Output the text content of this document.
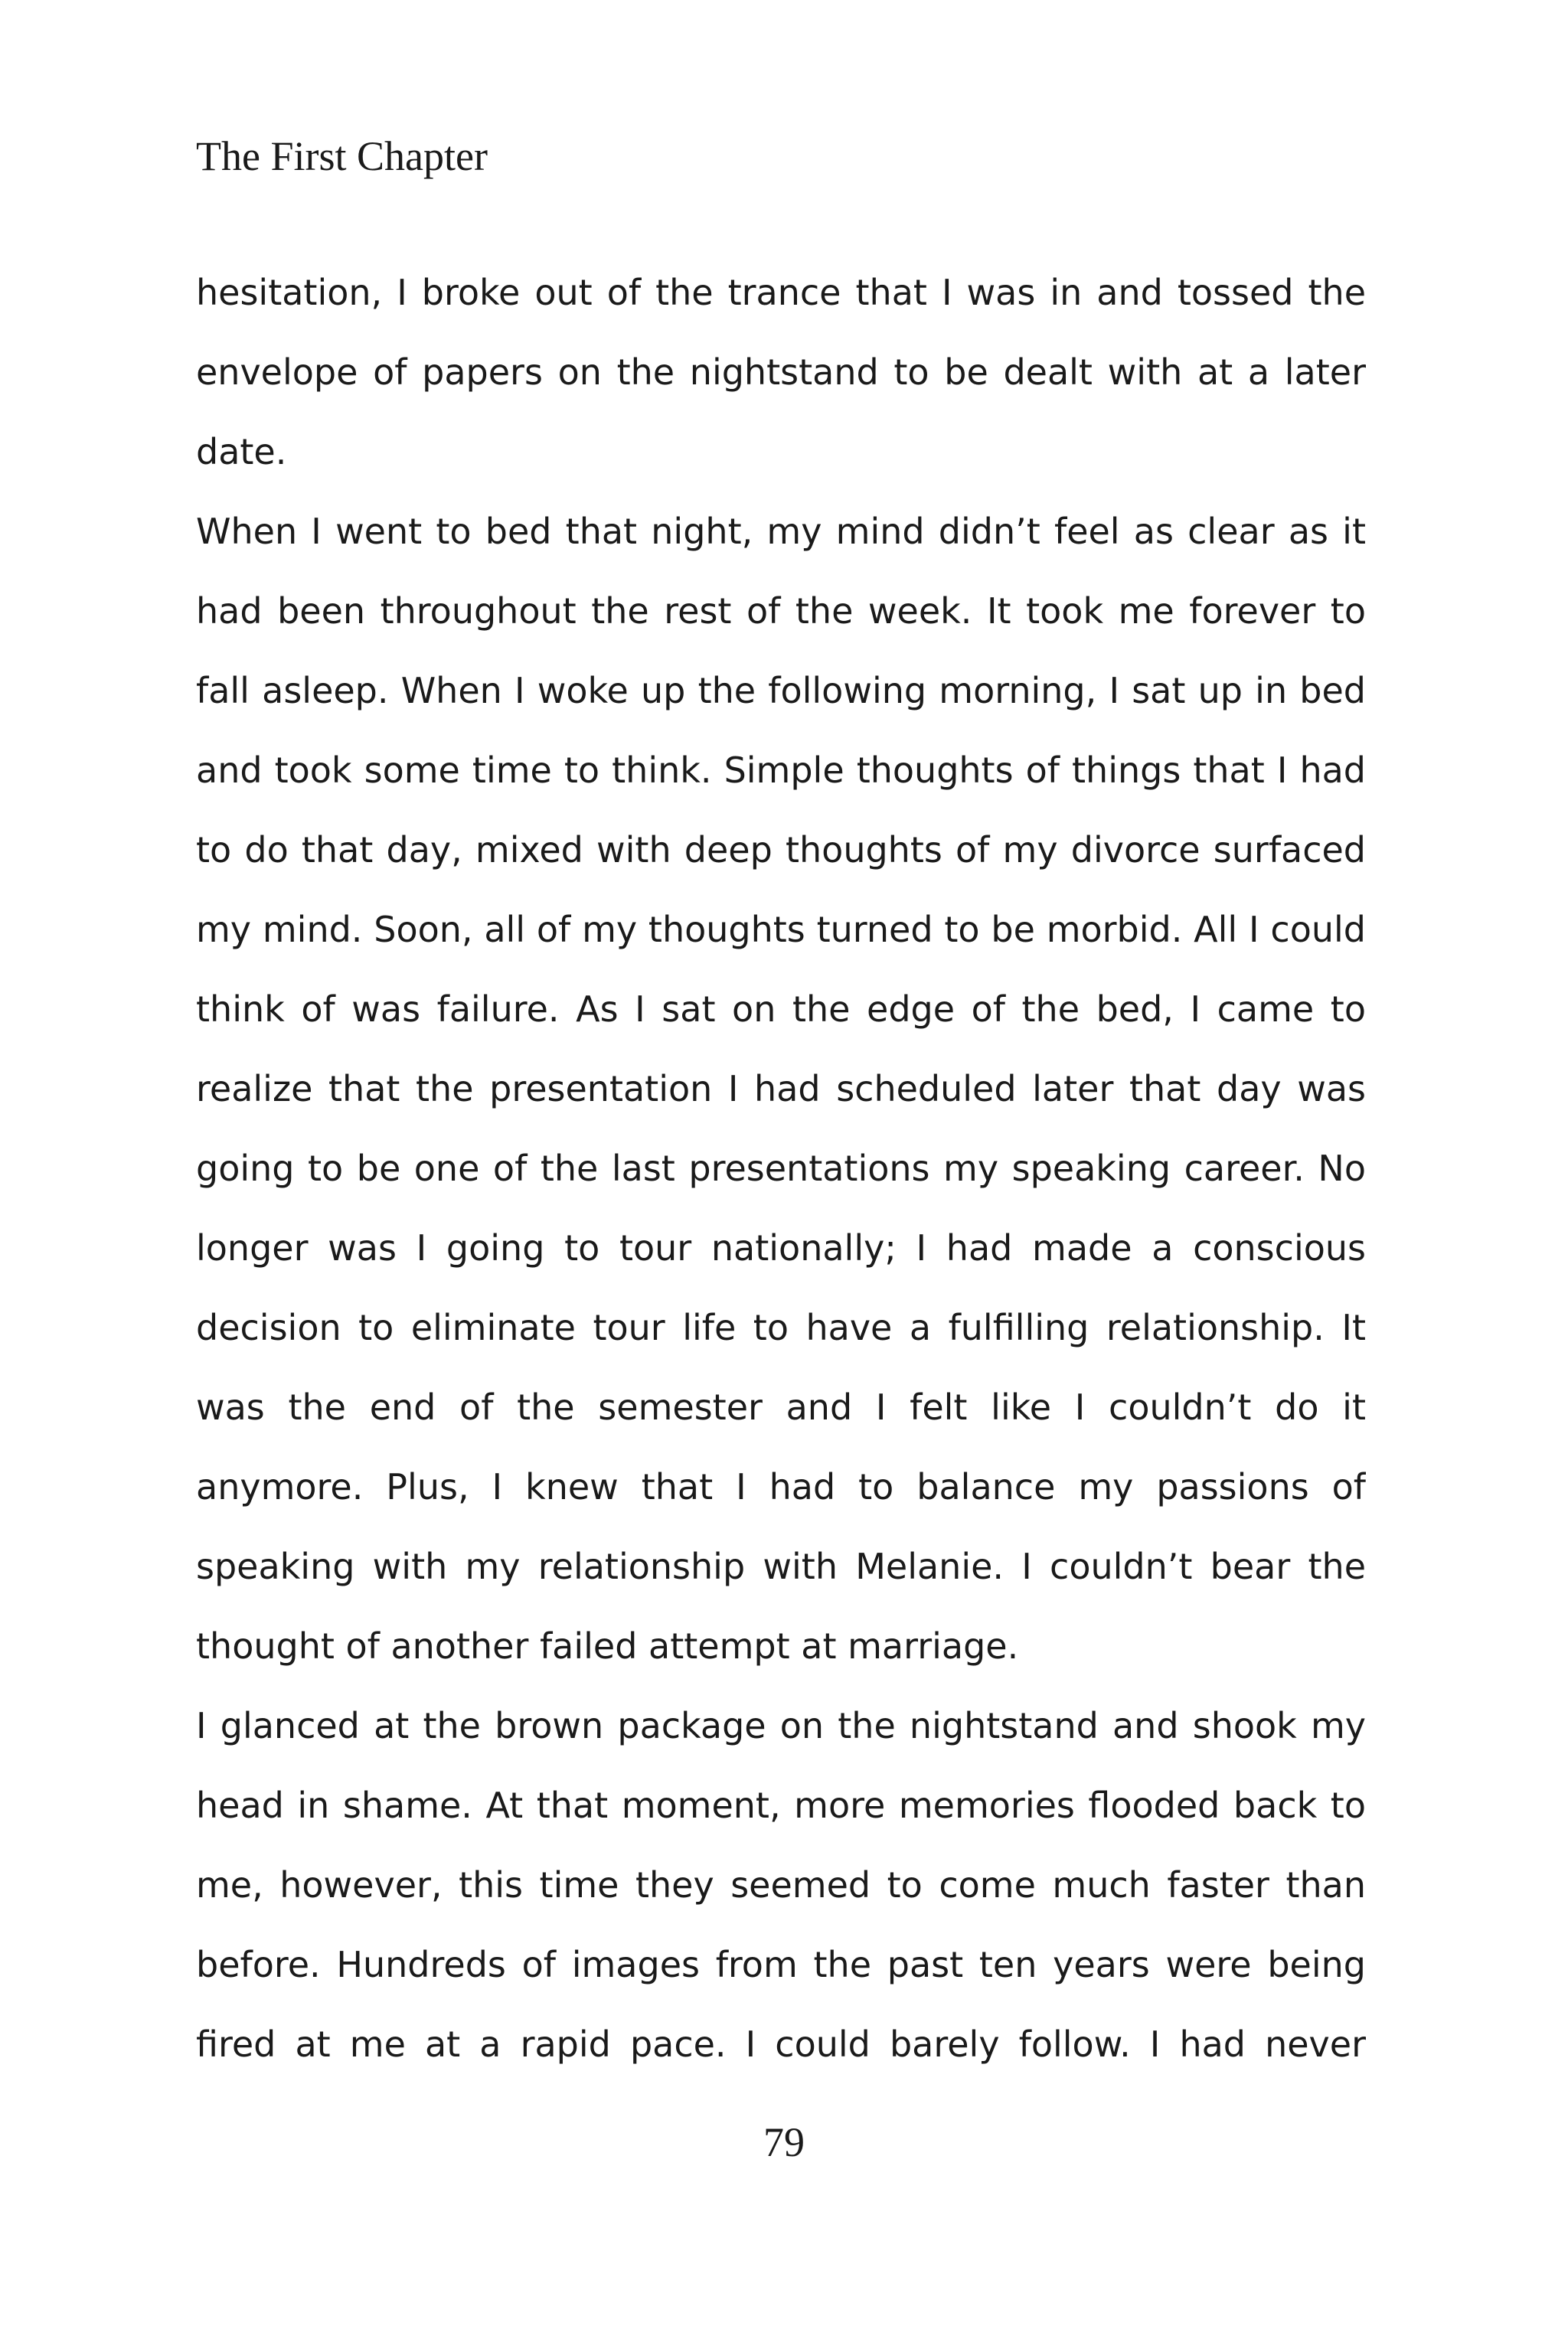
The First Chapter

hesitation, I broke out of the trance that I was in and tossed the
envelope of papers on the nightstand to be dealt with at a later
date.

When I went to bed that night, my mind didn’t feel as clear as it
had been throughout the rest of the week. It took me forever to
fall asleep. When I woke up the following morning, I sat up in bed
and took some time to think. Simple thoughts of things that I had
to do that day, mixed with deep thoughts of my divorce surfaced
my mind. Soon, all of my thoughts turned to be morbid. All I could
think of was failure. As I sat on the edge of the bed, I came to
realize that the presentation I had scheduled later that day was
going to be one of the last presentations my speaking career. No
longer was I going to tour nationally; I had made a conscious
decision to eliminate tour life to have a fulfilling relationship. It
was the end of the semester and I felt like I couldn’t do it
anymore. Plus, I knew that I had to balance my passions of
speaking with my relationship with Melanie. I couldn’t bear the
thought of another failed attempt at marriage.

I glanced at the brown package on the nightstand and shook my
head in shame. At that moment, more memories flooded back to
me, however, this time they seemed to come much faster than
before. Hundreds of images from the past ten years were being
fired at me at a rapid pace. I could barely follow. I had never

79
